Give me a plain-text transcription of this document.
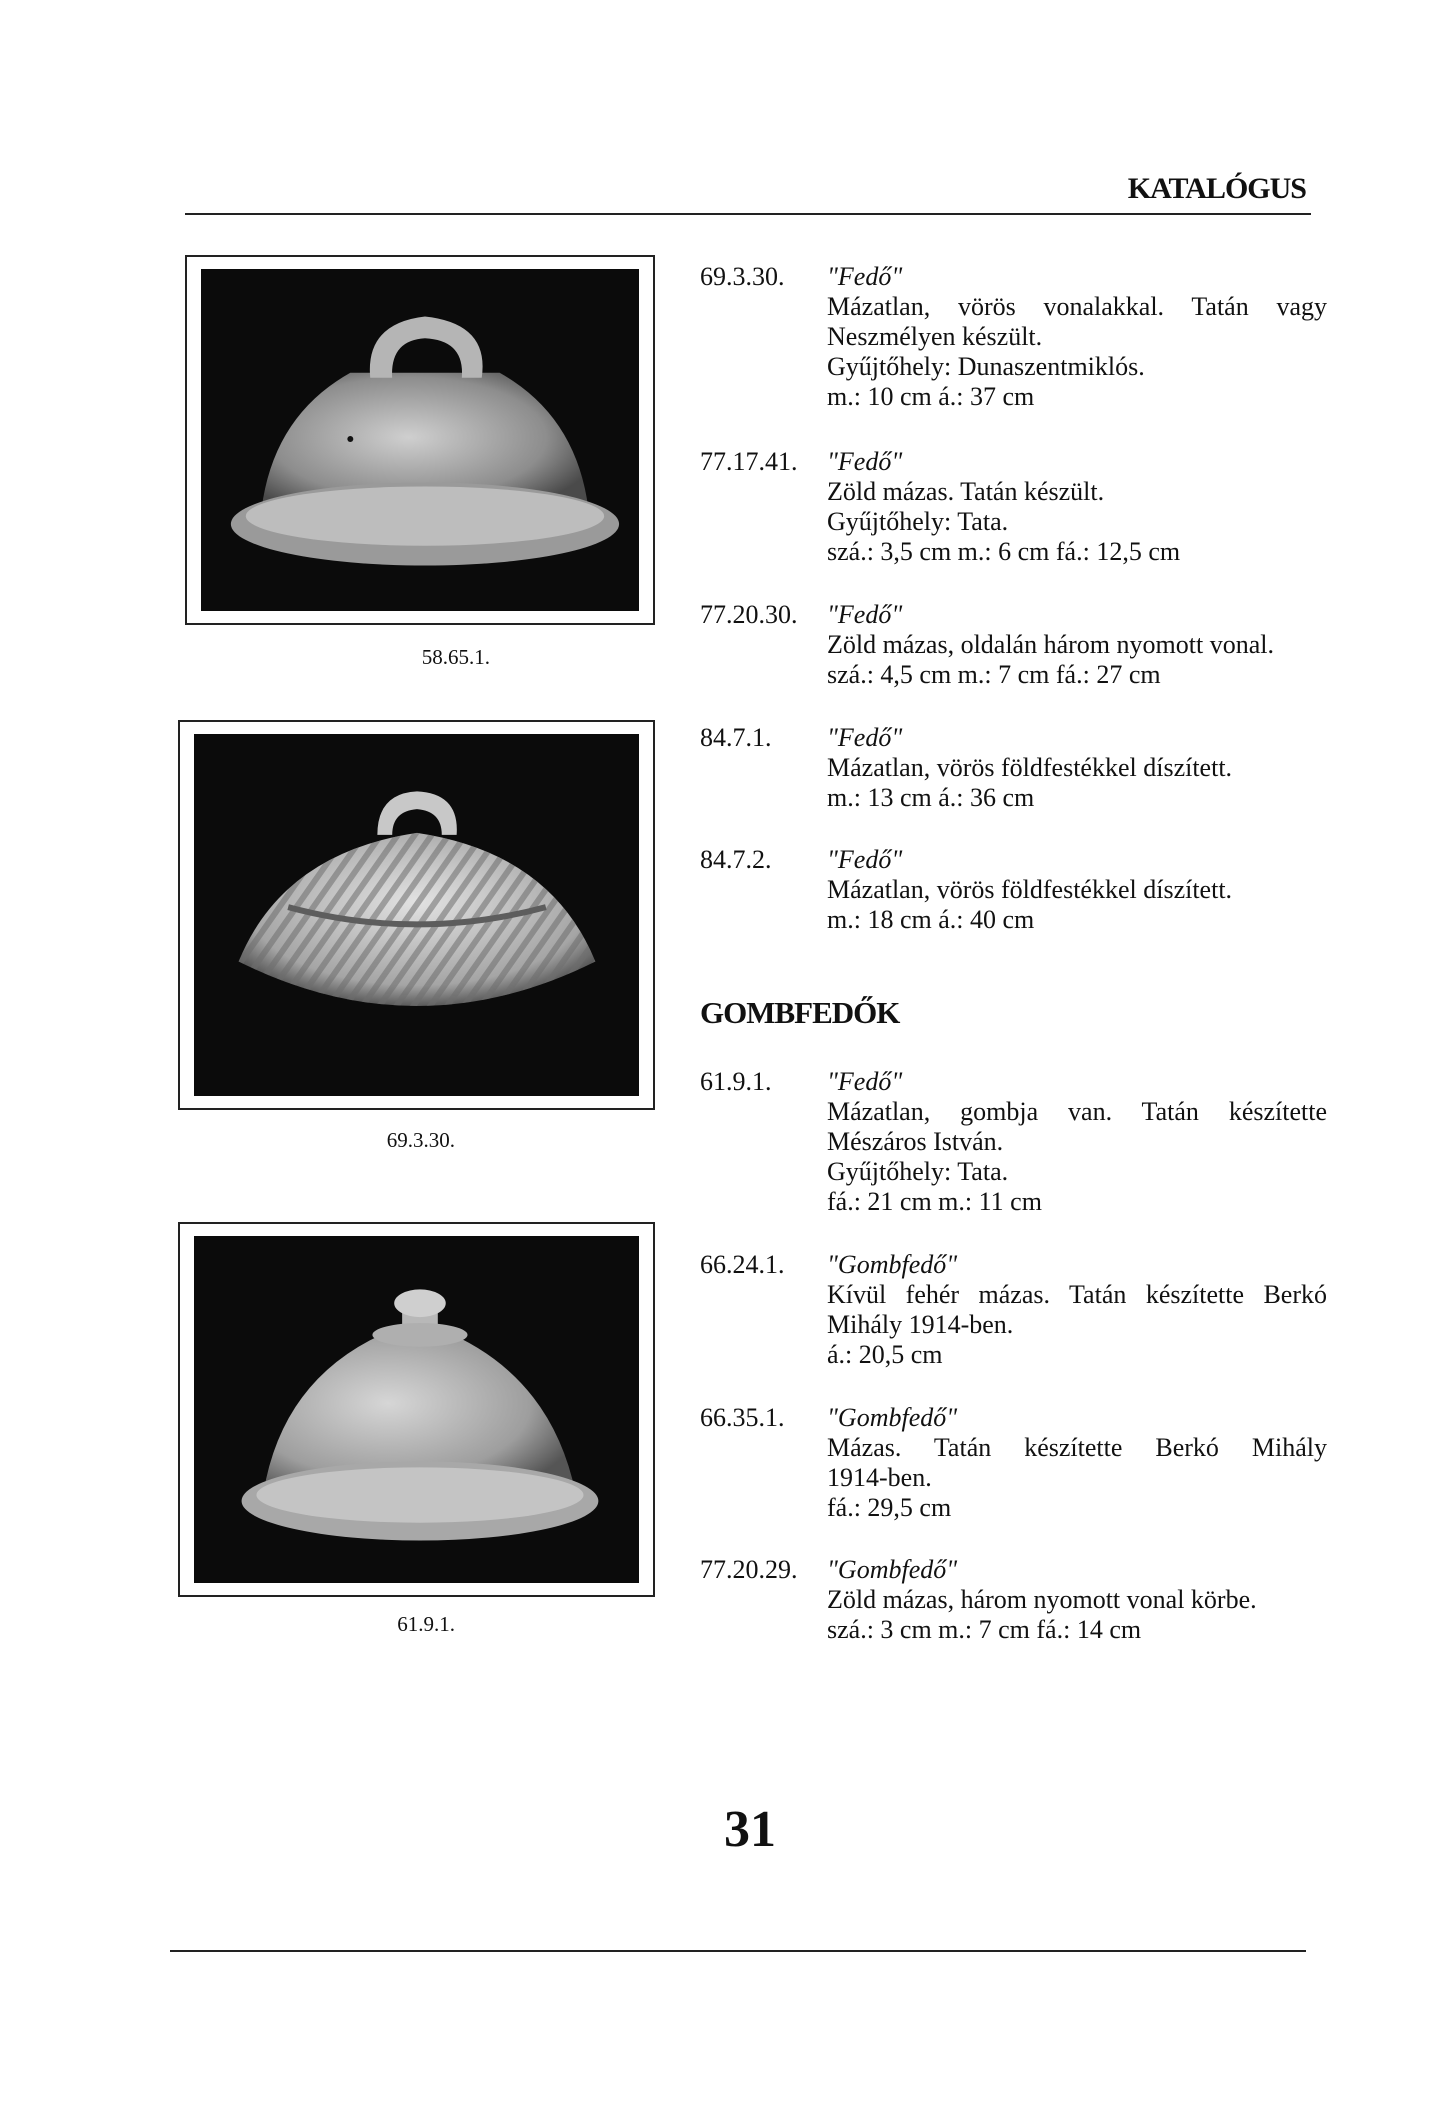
KATALÓGUS
58.65.1.
69.3.30.
61.9.1.
69.3.30. "Fedő"
Mázatlan, vörös vonalakkal. Tatán vagy
Neszmélyen készült.
Gyűjtőhely: Dunaszentmiklós.
m.: 10 cm á.: 37 cm
77.17.41. "Fedő"
Zöld mázas. Tatán készült.
Gyűjtőhely: Tata.
szá.: 3,5 cm m.: 6 cm fá.: 12,5 cm
77.20.30. "Fedő"
Zöld mázas, oldalán három nyomott vonal.
szá.: 4,5 cm m.: 7 cm fá.: 27 cm
84.7.1. "Fedő"
Mázatlan, vörös földfestékkel díszített.
m.: 13 cm á.: 36 cm
84.7.2. "Fedő"
Mázatlan, vörös földfestékkel díszített.
m.: 18 cm á.: 40 cm
GOMBFEDŐK
61.9.1. "Fedő"
Mázatlan, gombja van. Tatán készítette
Mészáros István.
Gyűjtőhely: Tata.
fá.: 21 cm m.: 11 cm
66.24.1. "Gombfedő"
Kívül fehér mázas. Tatán készítette Berkó
Mihály 1914-ben.
á.: 20,5 cm
66.35.1. "Gombfedő"
Mázas. Tatán készítette Berkó Mihály
1914-ben.
fá.: 29,5 cm
77.20.29. "Gombfedő"
Zöld mázas, három nyomott vonal körbe.
szá.: 3 cm m.: 7 cm fá.: 14 cm
31
